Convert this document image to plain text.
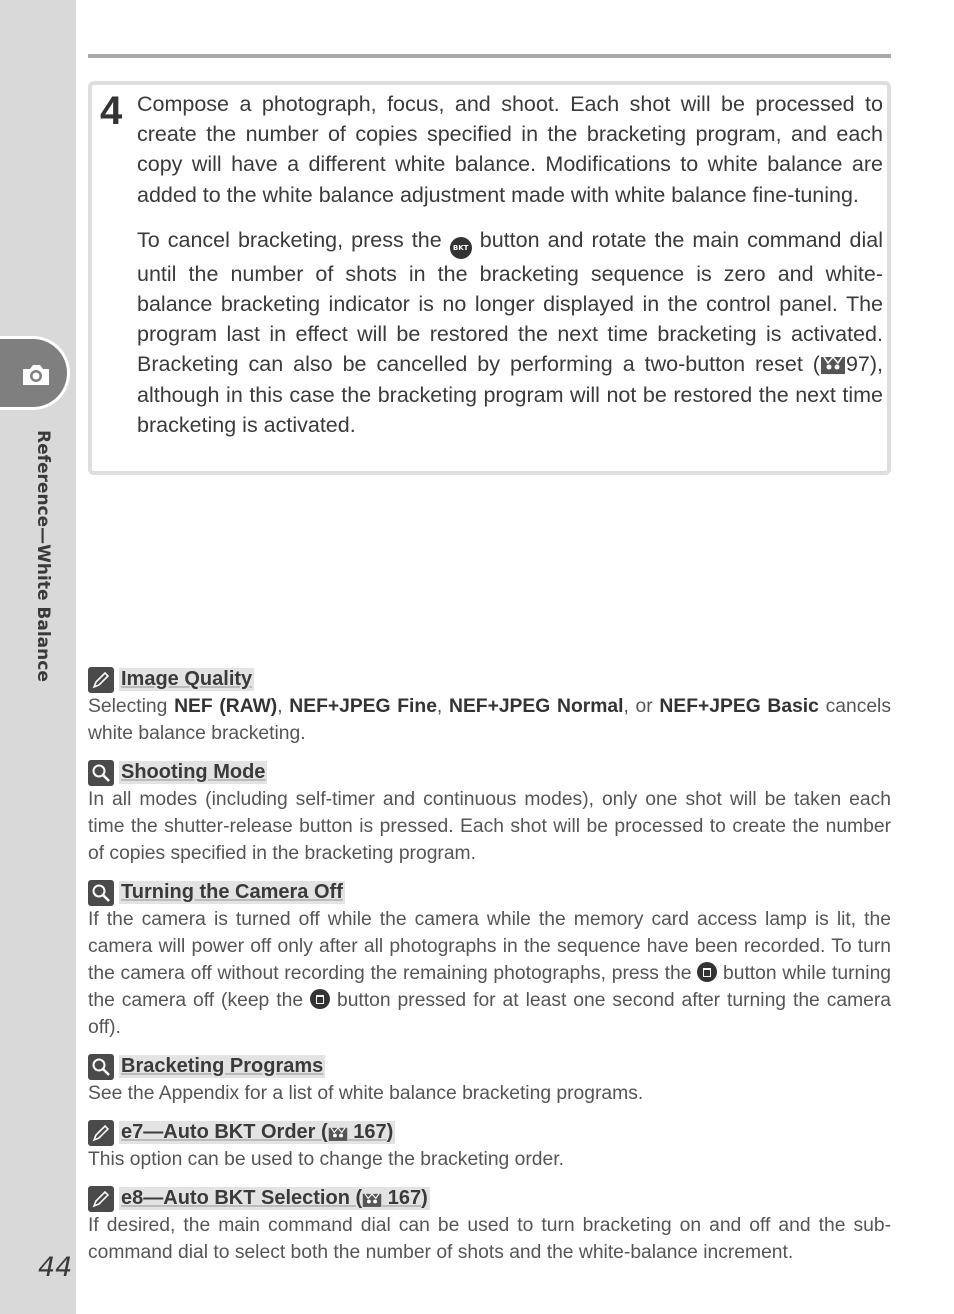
Reference—White Balance
44
4 Compose a photograph, focus, and shoot. Each shot will be processed to create the number of copies specified in the bracketing program, and each copy will have a different white balance. Modifications to white balance are added to the white balance adjustment made with white balance fine-tuning.

To cancel bracketing, press the BKT button and rotate the main command dial until the number of shots in the bracketing sequence is zero and white-balance bracketing indicator is no longer displayed in the control panel. The program last in effect will be restored the next time bracketing is activated. Bracketing can also be cancelled by performing a two-button reset ( 97), although in this case the bracketing program will not be restored the next time bracketing is activated.

Image Quality
Selecting NEF (RAW), NEF+JPEG Fine, NEF+JPEG Normal, or NEF+JPEG Basic cancels white balance bracketing.
Shooting Mode
In all modes (including self-timer and continuous modes), only one shot will be taken each time the shutter-release button is pressed. Each shot will be processed to create the number of copies specified in the bracketing program.
Turning the Camera Off
If the camera is turned off while the camera while the memory card access lamp is lit, the camera will power off only after all photographs in the sequence have been recorded. To turn the camera off without recording the remaining photographs, press the button while turning the camera off (keep the button pressed for at least one second after turning the camera off).
Bracketing Programs
See the Appendix for a list of white balance bracketing programs.
e7—Auto BKT Order ( 167)
This option can be used to change the bracketing order.
e8—Auto BKT Selection ( 167)
If desired, the main command dial can be used to turn bracketing on and off and the sub-command dial to select both the number of shots and the white-balance increment.
